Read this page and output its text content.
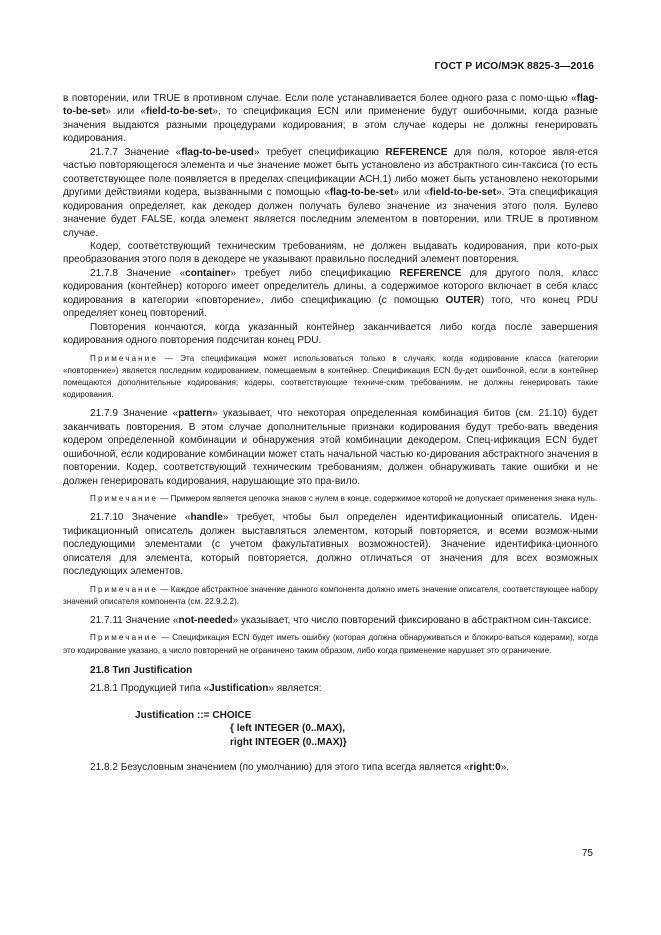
ГОСТ Р ИСО/МЭК 8825-3—2016

в повторении, или TRUE в противном случае. Если поле устанавливается более одного раза с помо-щью «flag-to-be-set» или «field-to-be-set», то спецификация ECN или применение будут ошибочными, когда разные значения выдаются разными процедурами кодирования; в этом случае кодеры не должны генерировать кодирования.

21.7.7 Значение «flag-to-be-used» требует спецификацию REFERENCE для поля, которое явля-ется частью повторяющегося элемента и чье значение может быть установлено из абстрактного син-таксиса (то есть соответствующее поле появляется в пределах спецификации АСН.1) либо может быть установлено некоторыми другими действиями кодера, вызванными с помощью «flag-to-be-set» или «field-to-be-set». Эта спецификация кодирования определяет, как декодер должен получать булево значение из значения этого поля. Булево значение будет FALSE, когда элемент является последним элементом в повторении, или TRUE в противном случае.

Кодер, соответствующий техническим требованиям, не должен выдавать кодирования, при кото-рых преобразования этого поля в декодере не указывают правильно последний элемент повторения.

21.7.8 Значение «container» требует либо спецификацию REFERENCE для другого поля, класс кодирования (контейнер) которого имеет определитель длины, а содержимое которого включает в себя класс кодирования в категории «повторение», либо спецификацию (с помощью OUTER) того, что конец PDU определяет конец повторений.

Повторения кончаются, когда указанный контейнер заканчивается либо когда после завершения кодирования одного повторения подсчитан конец PDU.

Примечание — Эта спецификация может использоваться только в случаях, когда кодирование класса (категории «повторение») является последним кодированием, помещаемым в контейнер. Спецификация ECN бу-дет ошибочной, если в контейнер помещаются дополнительные кодирования; кодеры, соответствующие техниче-ским требованиям, не должны генерировать такие кодирования.

21.7.9 Значение «pattern» указывает, что некоторая определенная комбинация битов (см. 21.10) будет заканчивать повторения. В этом случае дополнительные признаки кодирования будут требо-вать введения кодером определенной комбинации и обнаружения этой комбинации декодером. Спец-ификация ECN будет ошибочной, если кодирование комбинации может стать начальной частью ко-дирования абстрактного значения в повторении. Кодер, соответствующий техническим требованиям, должен обнаруживать такие ошибки и не должен генерировать кодирования, нарушающие это пра-вило.

Примечание — Примером является цепочка знаков с нулем в конце, содержимое которой не допускает применения знака нуль.

21.7.10 Значение «handle» требует, чтобы был определен идентификационный описатель. Иден-тификационный описатель должен выставляться элементом, который повторяется, и всеми возмож-ными последующими элементами (с учетом факультативных возможностей). Значение идентифика-ционного описателя для элемента, который повторяется, должно отличаться от значения для всех возможных последующих элементов.

Примечание — Каждое абстрактное значение данного компонента должно иметь значение описателя, соответствующее набору значений описателя компонента (см. 22.9.2.2).

21.7.11 Значение «not-needed» указывает, что число повторений фиксировано в абстрактном син-таксисе.

Примечание — Спецификация ECN будет иметь ошибку (которая должна обнаруживаться и блокиро-ваться кодерами), когда это кодирование указано, а число повторений не ограничено таким образом, либо когда применение нарушает это ограничение.

21.8 Тип Justification

21.8.1 Продукцией типа «Justification» является:

Justification ::= CHOICE
{ left INTEGER (0..MAX),
right INTEGER (0..MAX)}

21.8.2 Безусловным значением (по умолчанию) для этого типа всегда является «right:0».

75
